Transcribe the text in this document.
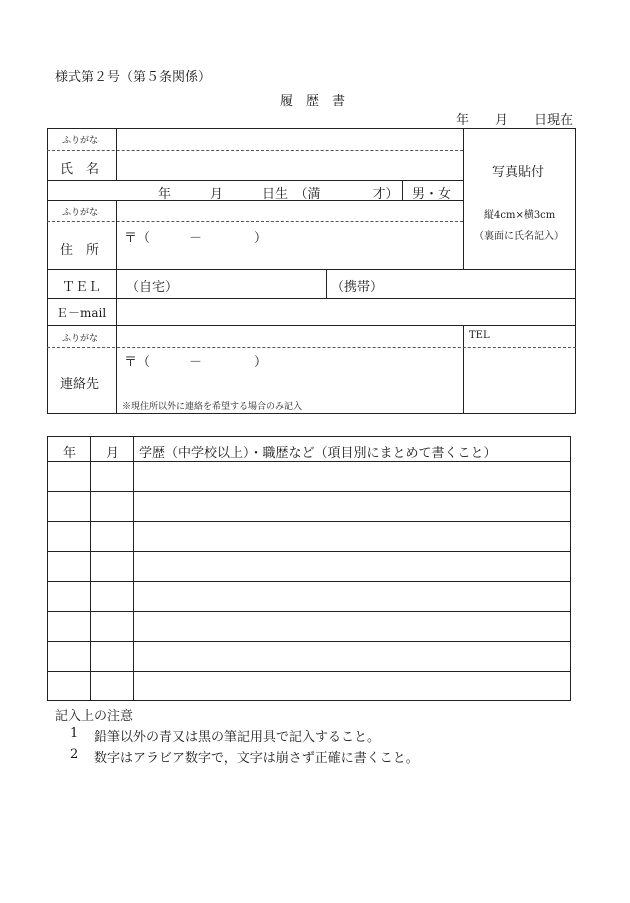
様式第２号（第５条関係）
履　歴　書
年　　月　　日現在
ふりがな
氏　名
年　　　月　　　日生　（満　　　　才） 男・女
写真貼付
縦4cm×横3cm
（裏面に氏名記入）
ふりがな
住　所
〒（　　　－　　　　）
ＴＥＬ （自宅）	（携帯）
Ｅ－mail
ふりがな	TEL
連絡先
〒（　　　－　　　　）
※現住所以外に連絡を希望する場合のみ記入
年 月 学歴（中学校以上）・職歴など（項目別にまとめて書くこと）
記入上の注意
1 鉛筆以外の青又は黒の筆記用具で記入すること。
2 数字はアラビア数字で，文字は崩さず正確に書くこと。
